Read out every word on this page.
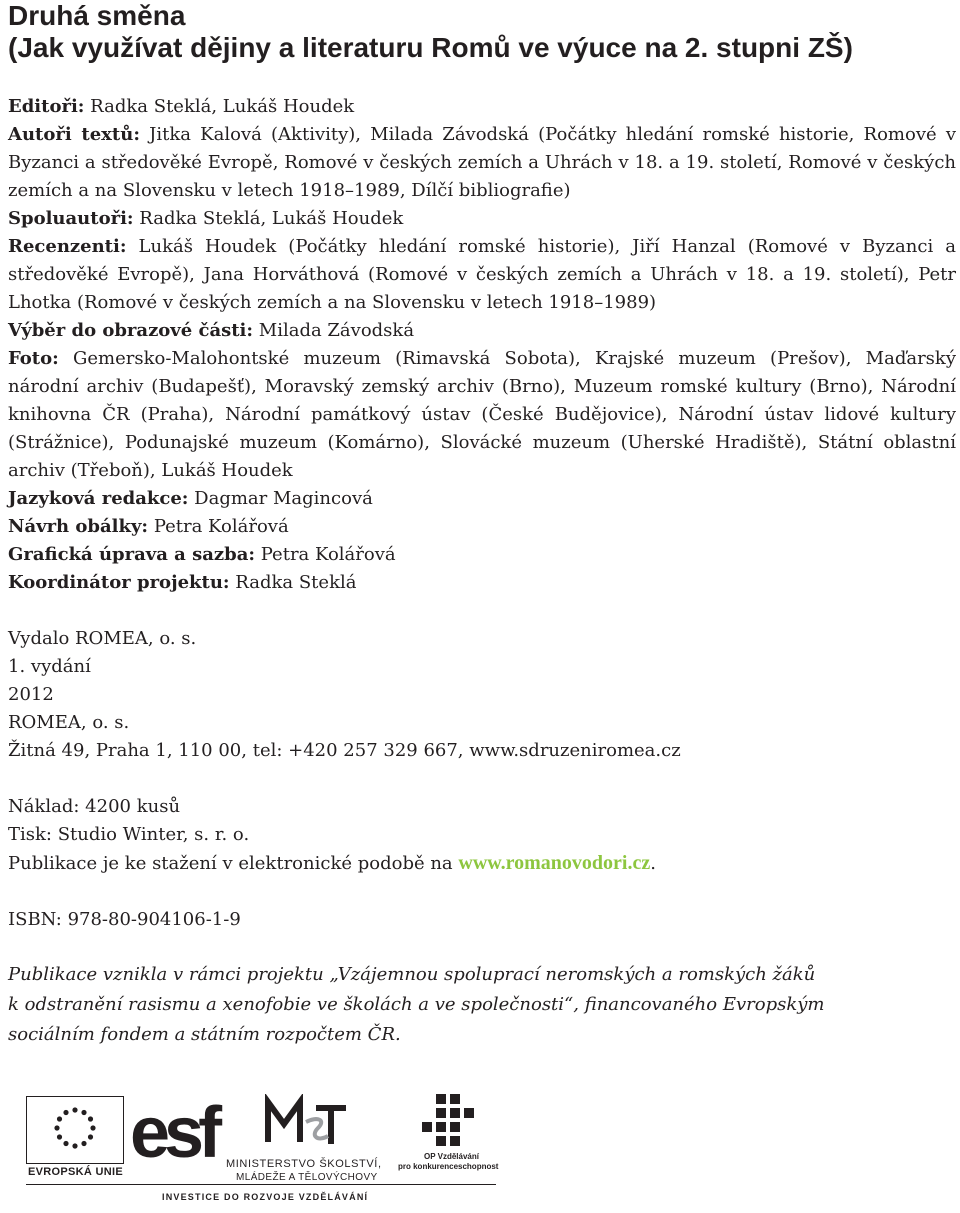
Druhá směna
(Jak využívat dějiny a literaturu Romů ve výuce na 2. stupni ZŠ)

Editoři: Radka Steklá, Lukáš Houdek

Autoři textů: Jitka Kalová (Aktivity), Milada Závodská (Počátky hledání romské historie, Romové v Byzanci a středověké Evropě, Romové v českých zemích a Uhrách v 18. a 19. století, Romové v českých zemích a na Slovensku v letech 1918–1989, Dílčí bibliografie)

Spoluautoři: Radka Steklá, Lukáš Houdek

Recenzenti: Lukáš Houdek (Počátky hledání romské historie), Jiří Hanzal (Romové v Byzanci a středověké Evropě), Jana Horváthová (Romové v českých zemích a Uhrách v 18. a 19. století), Petr Lhotka (Romové v českých zemích a na Slovensku v letech 1918–1989)

Výběr do obrazové části: Milada Závodská

Foto: Gemersko-Malohontské muzeum (Rimavská Sobota), Krajské muzeum (Prešov), Maďarský národní archiv (Budapešť), Moravský zemský archiv (Brno), Muzeum romské kultury (Brno), Národní knihovna ČR (Praha), Národní památkový ústav (České Budějovice), Národní ústav lidové kultury (Strážnice), Podunajské muzeum (Komárno), Slovácké muzeum (Uherské Hradiště), Státní oblastní archiv (Třeboň), Lukáš Houdek

Jazyková redakce: Dagmar Magincová

Návrh obálky: Petra Kolářová

Grafická úprava a sazba: Petra Kolářová

Koordinátor projektu: Radka Steklá

Vydalo ROMEA, o. s.

1. vydání

2012

ROMEA, o. s.

Žitná 49, Praha 1, 110 00, tel: +420 257 329 667, www.sdruzeniromea.cz

Náklad: 4200 kusů

Tisk: Studio Winter, s. r. o.

Publikace je ke stažení v elektronické podobě na www.romanovodori.cz.

ISBN: 978-80-904106-1-9

Publikace vznikla v rámci projektu „Vzájemnou spoluprací neromských a romských žáků

k odstranění rasismu a xenofobie ve školách a ve společnosti“, financovaného Evropským

sociálním fondem a státním rozpočtem ČR.

EVROPSKÁ UNIE esf MINISTERSTVO ŠKOLSTVÍ,
MLÁDEŽE A TĚLOVÝCHOVY
OP Vzdělávání
pro konkurenceschopnost
INVESTICE DO ROZVOJE VZDĚLÁVÁNÍ
